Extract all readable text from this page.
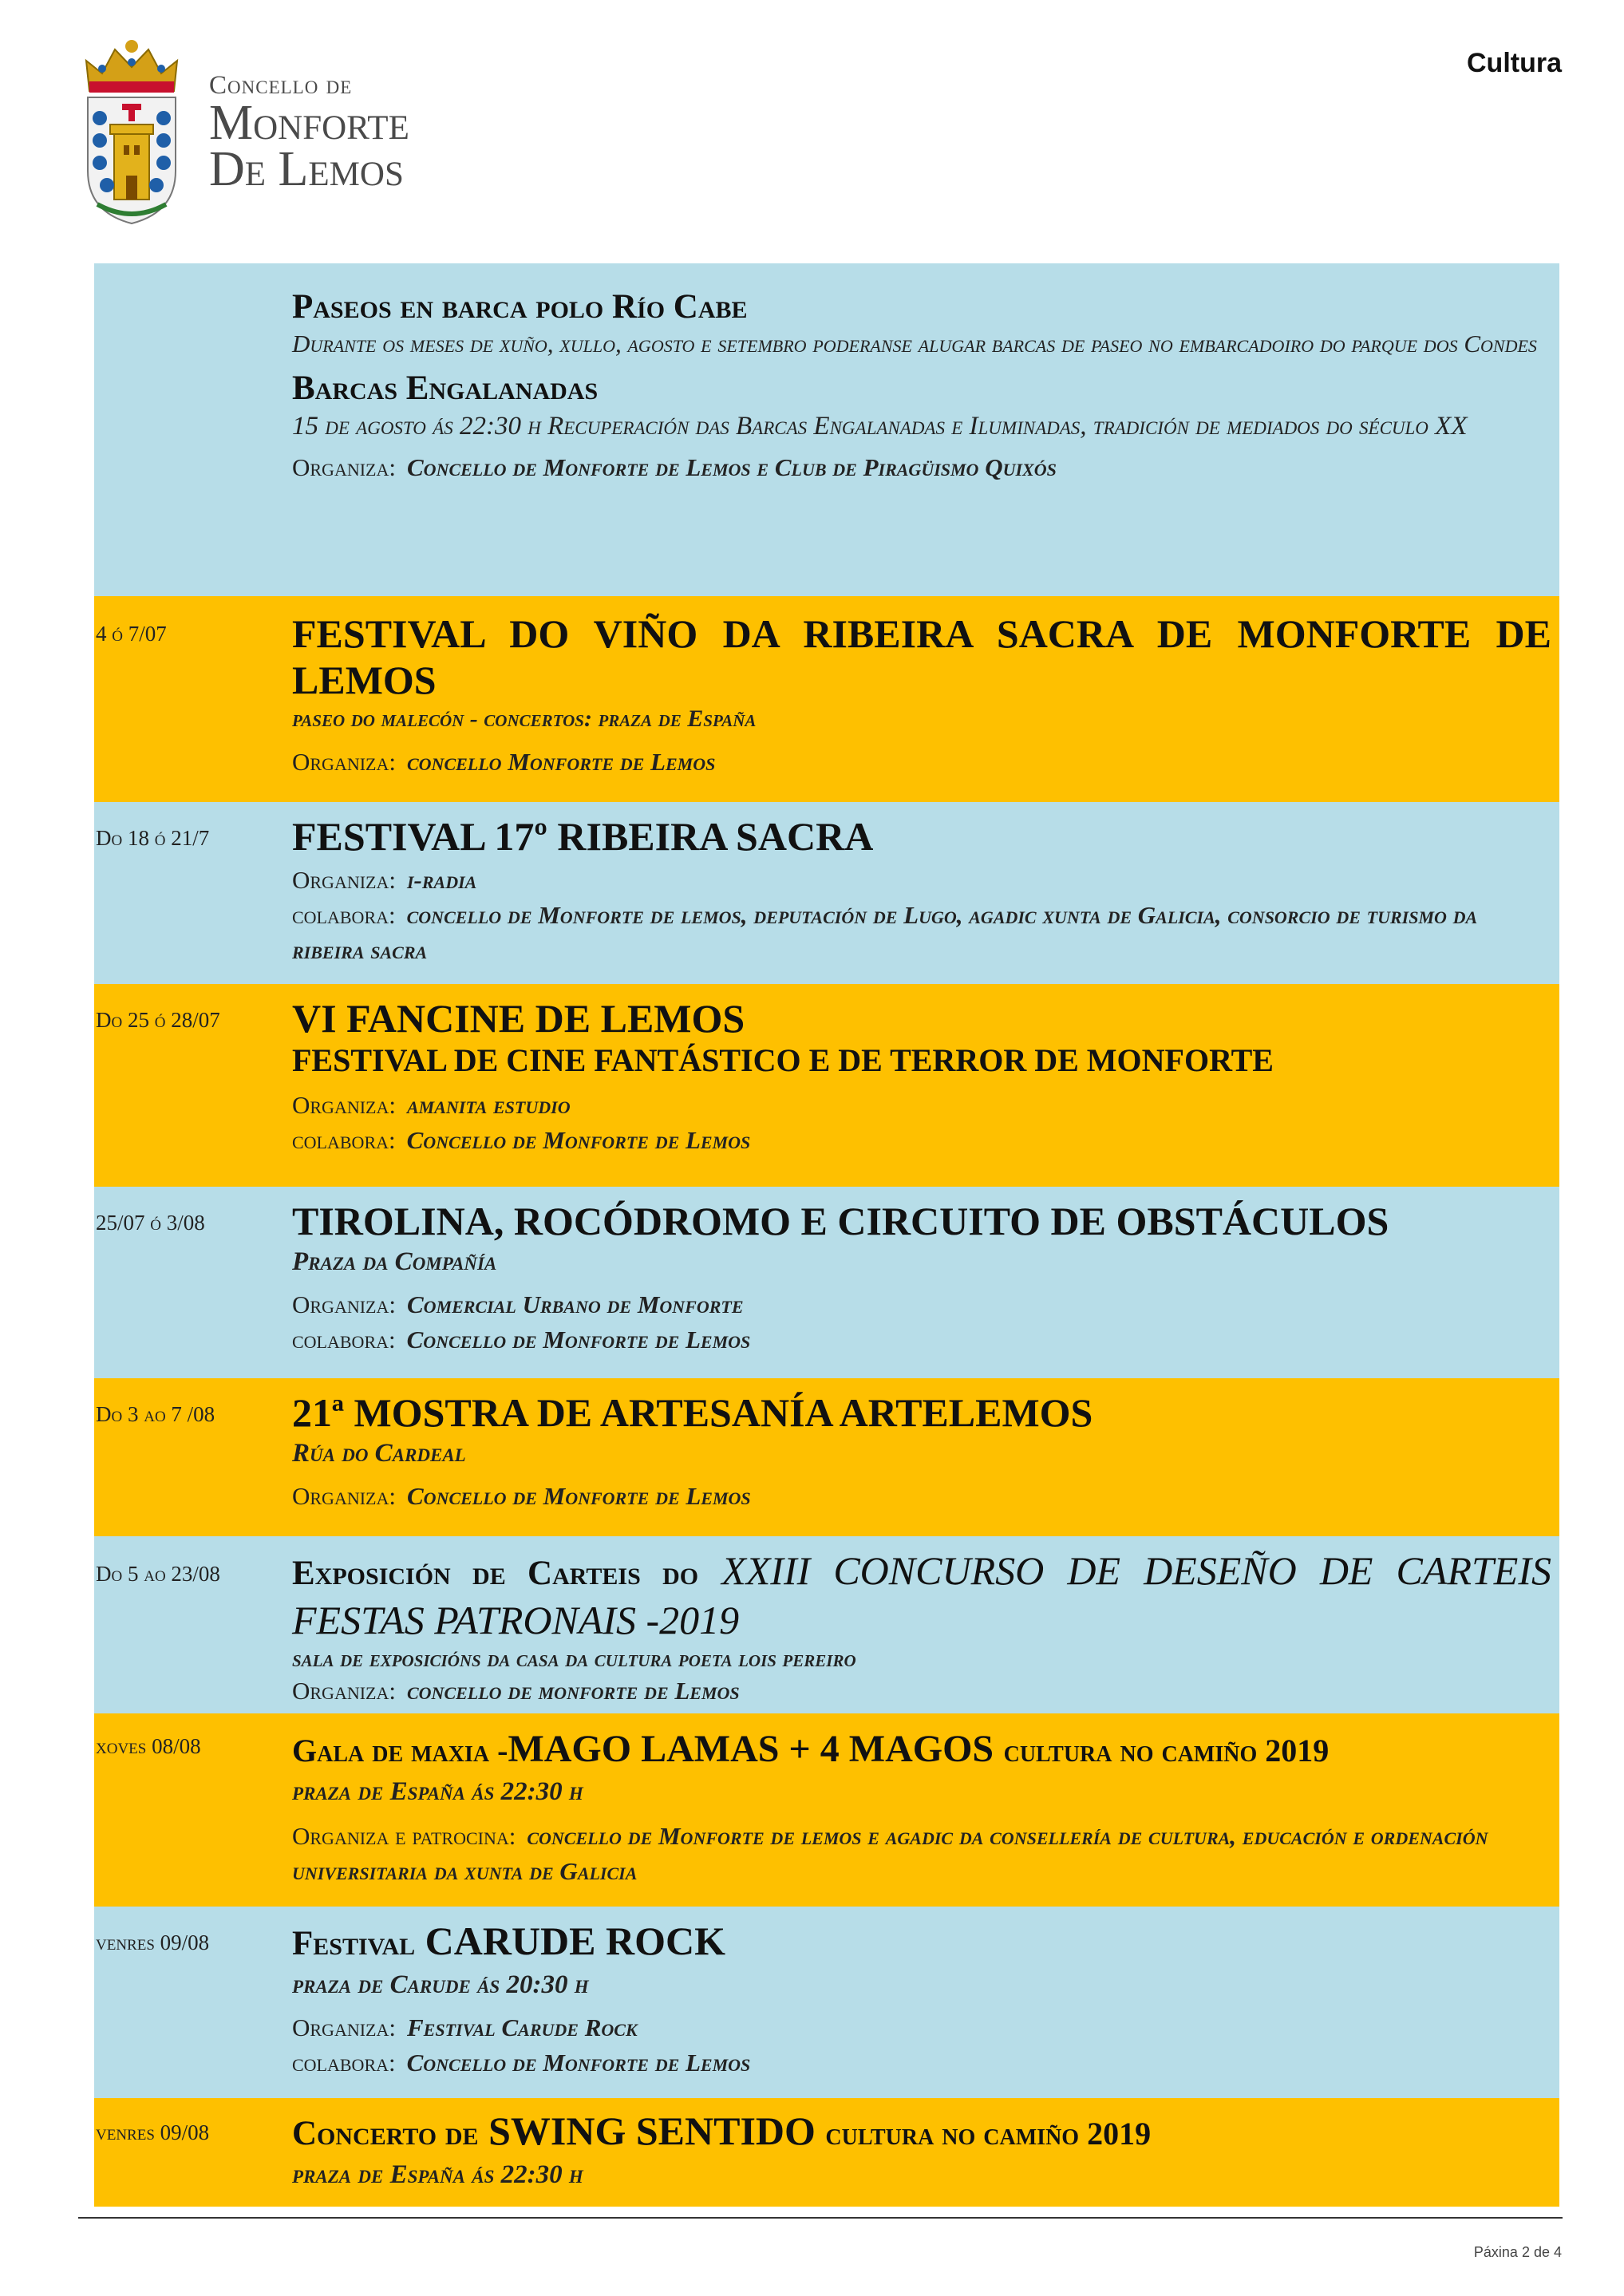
Concello de
Monforte
De Lemos
Cultura
Paseos en barca polo Río Cabe
Durante os meses de xuño, xullo, agosto e setembro poderanse alugar barcas de paseo no embarcadoiro do parque dos Condes
Barcas Engalanadas
15 de agosto ás 22:30 h Recuperación das Barcas Engalanadas e Iluminadas, tradición de mediados do século XX
Organiza: Concello de Monforte de Lemos e Club de Piragüismo Quixós
4 ó 7/07	FESTIVAL DO VIÑO DA RIBEIRA SACRA DE MONFORTE DE LEMOS
paseo do malecón - concertos: praza de España
Organiza: concello Monforte de Lemos
Do 18 ó 21/7	FESTIVAL 17º RIBEIRA SACRA
Organiza: i-radia
colabora: concello de Monforte de lemos, deputación de Lugo, agadic xunta de Galicia, consorcio de turismo da ribeira sacra
Do 25 ó 28/07	VI FANCINE DE LEMOS
FESTIVAL DE CINE FANTÁSTICO E DE TERROR DE MONFORTE
Organiza: amanita estudio
colabora: Concello de Monforte de Lemos
25/07 ó 3/08	TIROLINA, ROCÓDROMO E CIRCUITO DE OBSTÁCULOS
Praza da Compañía
Organiza: Comercial Urbano de Monforte
colabora: Concello de Monforte de Lemos
Do 3 ao 7 /08	21ª MOSTRA DE ARTESANÍA ARTELEMOS
Rúa do Cardeal
Organiza: Concello de Monforte de Lemos
Do 5 ao 23/08	Exposición de Carteis do XXIII CONCURSO DE DESEÑO DE CARTEIS FESTAS PATRONAIS -2019
sala de exposicións da casa da cultura poeta lois pereiro
Organiza: concello de monforte de Lemos
xoves 08/08	Gala de maxia -MAGO LAMAS + 4 MAGOS cultura no camiño 2019
praza de España ás 22:30 h
Organiza e patrocina: concello de Monforte de lemos e agadic da consellería de cultura, educación e ordenación universitaria da xunta de Galicia
venres 09/08	Festival CARUDE ROCK
praza de Carude ás 20:30 h
Organiza: Festival Carude Rock
colabora: Concello de Monforte de Lemos
venres 09/08	Concerto de SWING SENTIDO cultura no camiño 2019
praza de España ás 22:30 h
Páxina 2 de 4
